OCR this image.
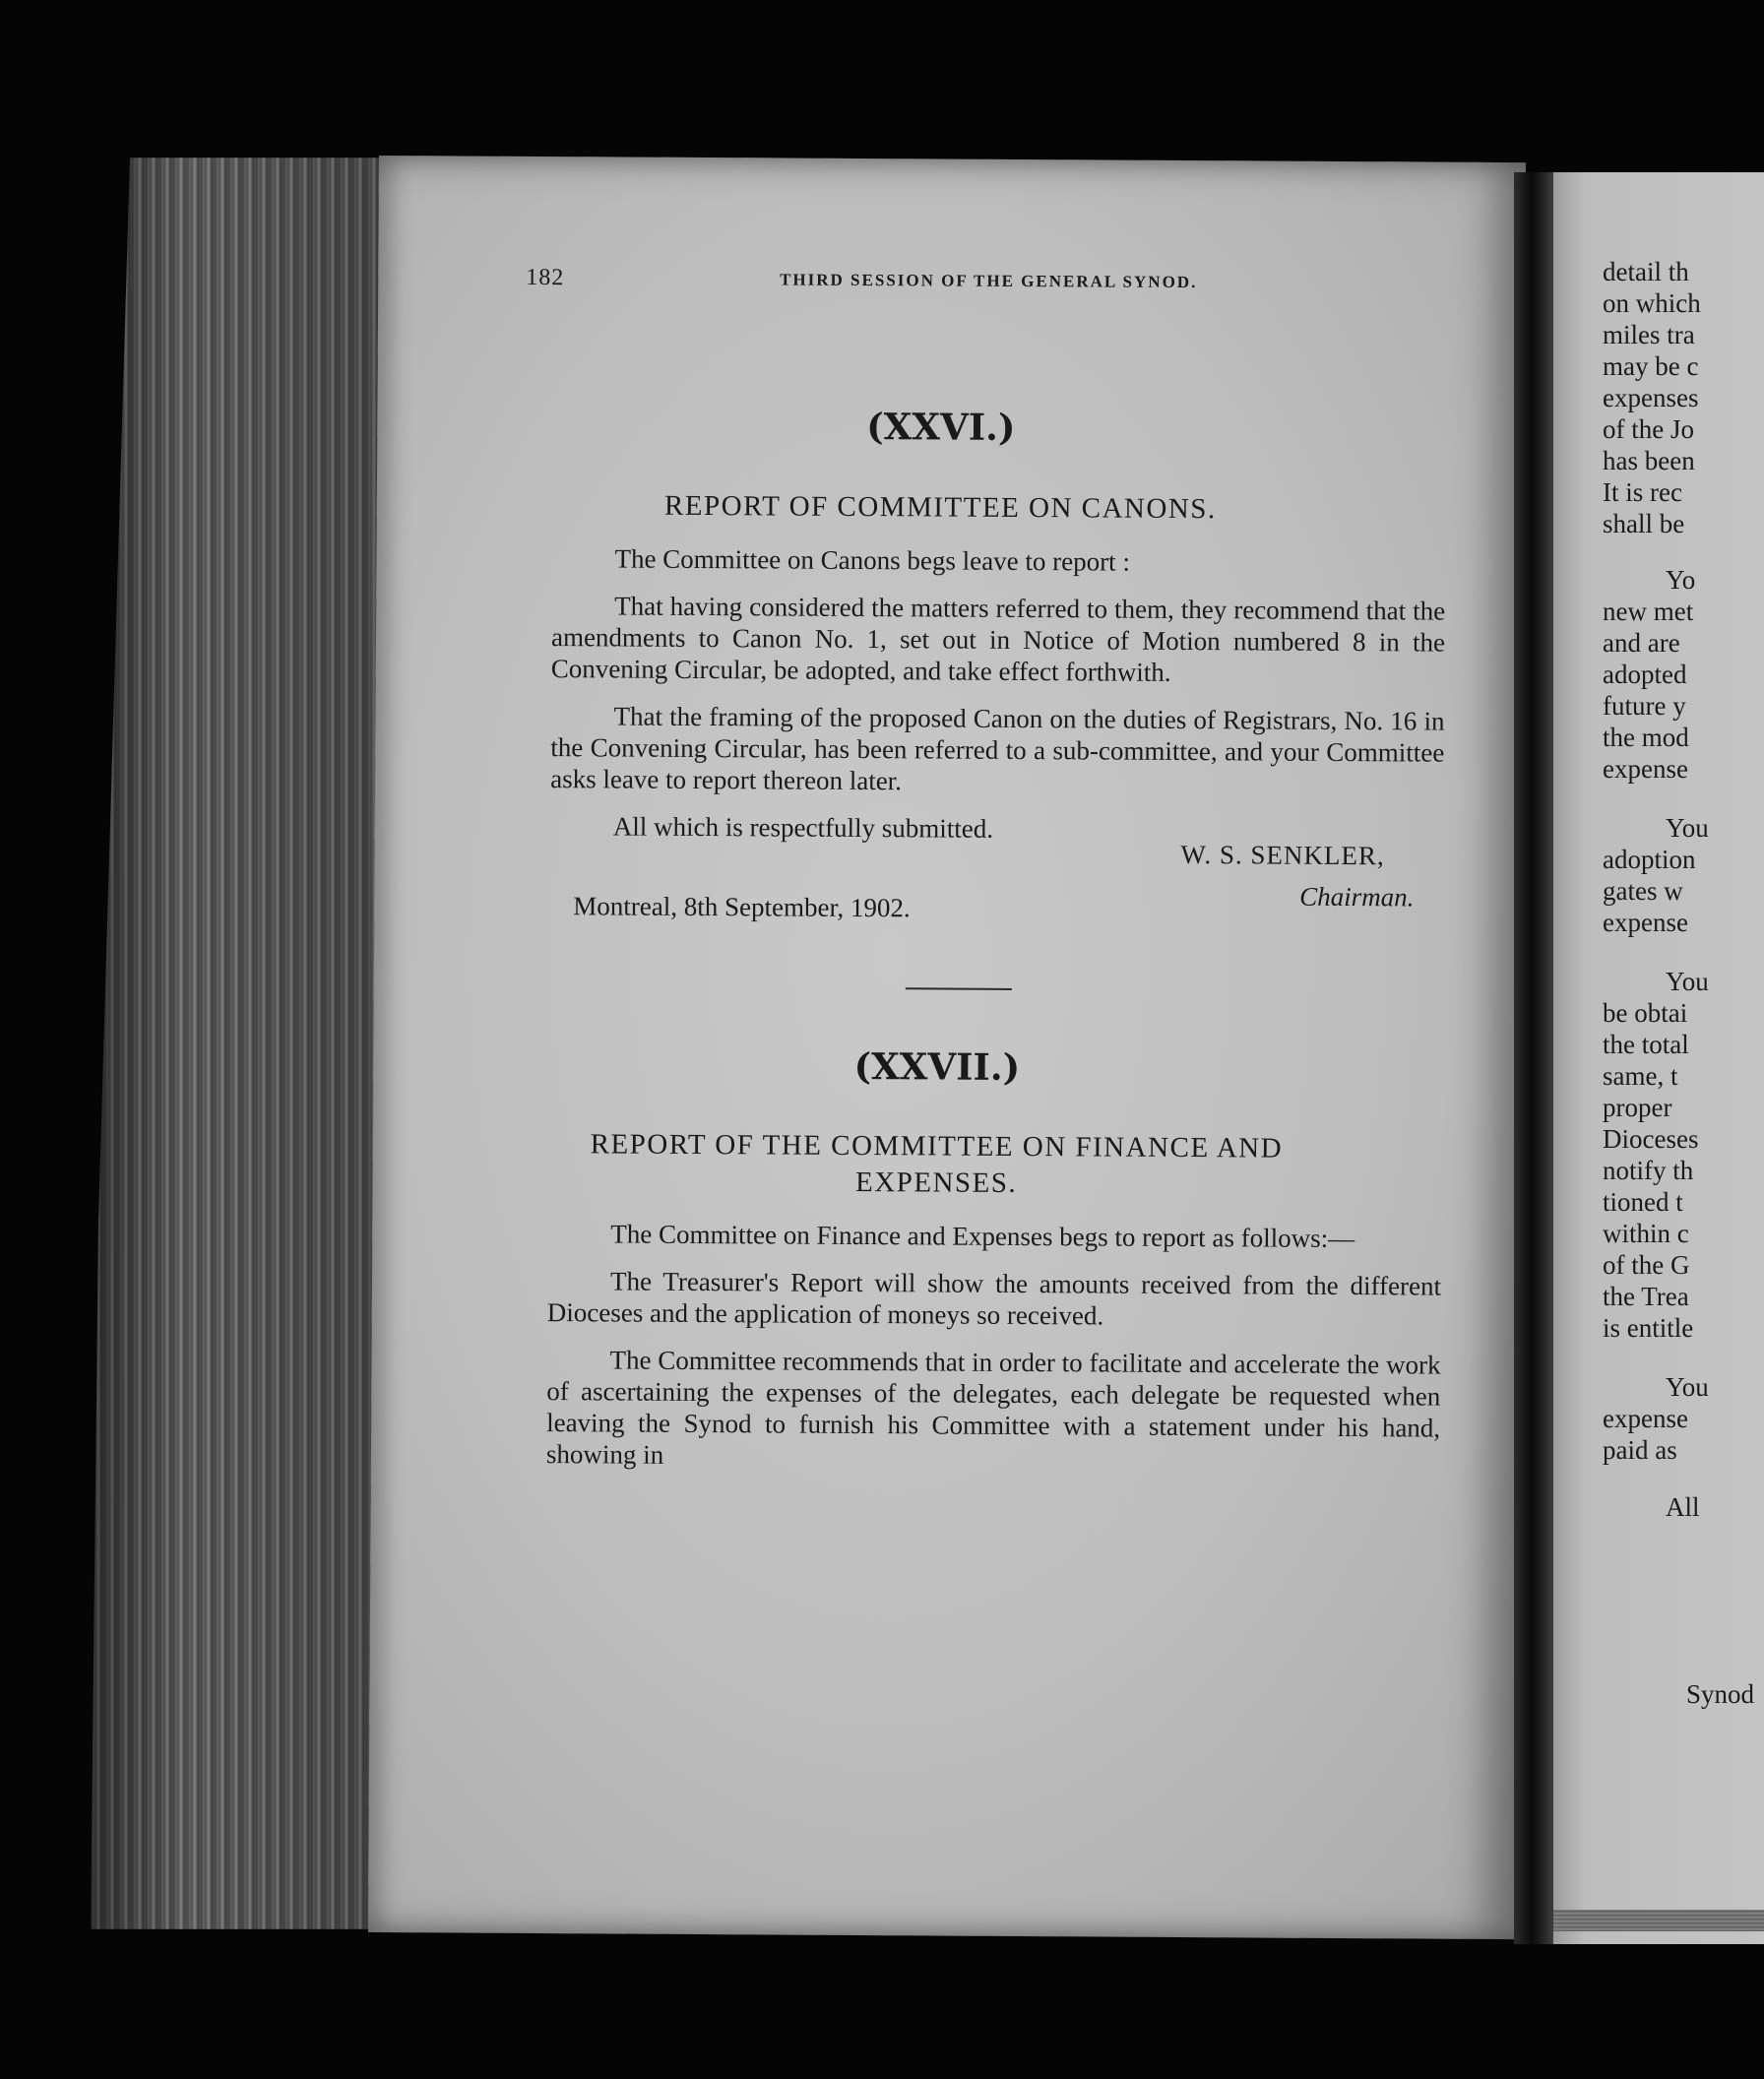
182	THIRD SESSION OF THE GENERAL SYNOD.
(XXVI.)
REPORT OF COMMITTEE ON CANONS.

The Committee on Canons begs leave to report :

That having considered the matters referred to them, they recommend that the amendments to Canon No. 1, set out in Notice of Motion numbered 8 in the Convening Circular, be adopted, and take effect forthwith.

That the framing of the proposed Canon on the duties of Registrars, No. 16 in the Convening Circular, has been referred to a sub-committee, and your Committee asks leave to report thereon later.

All which is respectfully submitted.

W. S. SENKLER,
Chairman.
Montreal, 8th September, 1902.
(XXVII.)
REPORT OF THE COMMITTEE ON FINANCE AND
EXPENSES.

The Committee on Finance and Expenses begs to report as follows:—

The Treasurer's Report will show the amounts received from the different Dioceses and the application of moneys so received.

The Committee recommends that in order to facilitate and accelerate the work of ascertaining the expenses of the delegates, each delegate be requested when leaving the Synod to furnish his Committee with a statement under his hand, showing in

detail th
on which
miles tra
may be c
expenses
of the Jo
has been
It is rec
shall be
Yo
new met
and are
adopted
future y
the mod
expense
You
adoption
gates w
expense
You
be obtai
the total
same, t
proper
Dioceses
notify th
tioned t
within c
of the G
the Trea
is entitle
You
expense
paid as
All
Synod
